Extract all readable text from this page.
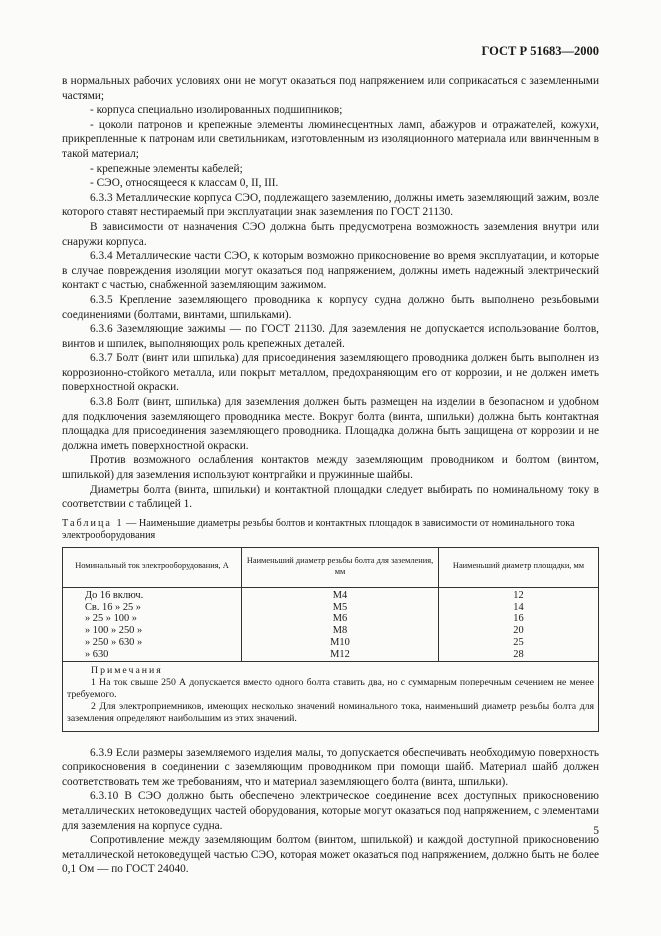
ГОСТ Р 51683—2000

в нормальных рабочих условиях они не могут оказаться под напряжением или соприкасаться с заземленными частями;

- корпуса специально изолированных подшипников;

- цоколи патронов и крепежные элементы люминесцентных ламп, абажуров и отражателей, кожухи, прикрепленные к патронам или светильникам, изготовленным из изоляционного материала или ввинченным в такой материал;

- крепежные элементы кабелей;

- СЭО, относящееся к классам 0, II, III.

6.3.3 Металлические корпуса СЭО, подлежащего заземлению, должны иметь заземляющий зажим, возле которого ставят нестираемый при эксплуатации знак заземления по ГОСТ 21130.

В зависимости от назначения СЭО должна быть предусмотрена возможность заземления внутри или снаружи корпуса.

6.3.4 Металлические части СЭО, к которым возможно прикосновение во время эксплуатации, и которые в случае повреждения изоляции могут оказаться под напряжением, должны иметь надежный электрический контакт с частью, снабженной заземляющим зажимом.

6.3.5 Крепление заземляющего проводника к корпусу судна должно быть выполнено резьбовыми соединениями (болтами, винтами, шпильками).

6.3.6 Заземляющие зажимы — по ГОСТ 21130. Для заземления не допускается использование болтов, винтов и шпилек, выполняющих роль крепежных деталей.

6.3.7 Болт (винт или шпилька) для присоединения заземляющего проводника должен быть выполнен из коррозионно-стойкого металла, или покрыт металлом, предохраняющим его от коррозии, и не должен иметь поверхностной окраски.

6.3.8 Болт (винт, шпилька) для заземления должен быть размещен на изделии в безопасном и удобном для подключения заземляющего проводника месте. Вокруг болта (винта, шпильки) должна быть контактная площадка для присоединения заземляющего проводника. Площадка должна быть защищена от коррозии и не должна иметь поверхностной окраски.

Против возможного ослабления контактов между заземляющим проводником и болтом (винтом, шпилькой) для заземления используют контргайки и пружинные шайбы.

Диаметры болта (винта, шпильки) и контактной площадки следует выбирать по номинальному току в соответствии с таблицей 1.

Таблица 1 — Наименьшие диаметры резьбы болтов и контактных площадок в зависимости от номинального тока электрооборудования

Номинальный ток электрооборудования, А	Наименьший диаметр резьбы болта для заземления, мм	Наименьший диаметр площадки, мм
До 16 включ.	М4	12
Св. 16 » 25 »	М5	14
» 25 » 100 »	М6	16
» 100 » 250 »	М8	20
» 250 » 630 »	М10	25
» 630	М12	28

Примечания
1 На ток свыше 250 А допускается вместо одного болта ставить два, но с суммарным поперечным сечением не менее требуемого.
2 Для электроприемников, имеющих несколько значений номинального тока, наименьший диаметр резьбы болта для заземления определяют наибольшим из этих значений.		

6.3.9 Если размеры заземляемого изделия малы, то допускается обеспечивать необходимую поверхность соприкосновения в соединении с заземляющим проводником при помощи шайб. Материал шайб должен соответствовать тем же требованиям, что и материал заземляющего болта (винта, шпильки).

6.3.10 В СЭО должно быть обеспечено электрическое соединение всех доступных прикосновению металлических нетоковедущих частей оборудования, которые могут оказаться под напряжением, с элементами для заземления на корпусе судна.

Сопротивление между заземляющим болтом (винтом, шпилькой) и каждой доступной прикосновению металлической нетоковедущей частью СЭО, которая может оказаться под напряжением, должно быть не более 0,1 Ом — по ГОСТ 24040.

5
